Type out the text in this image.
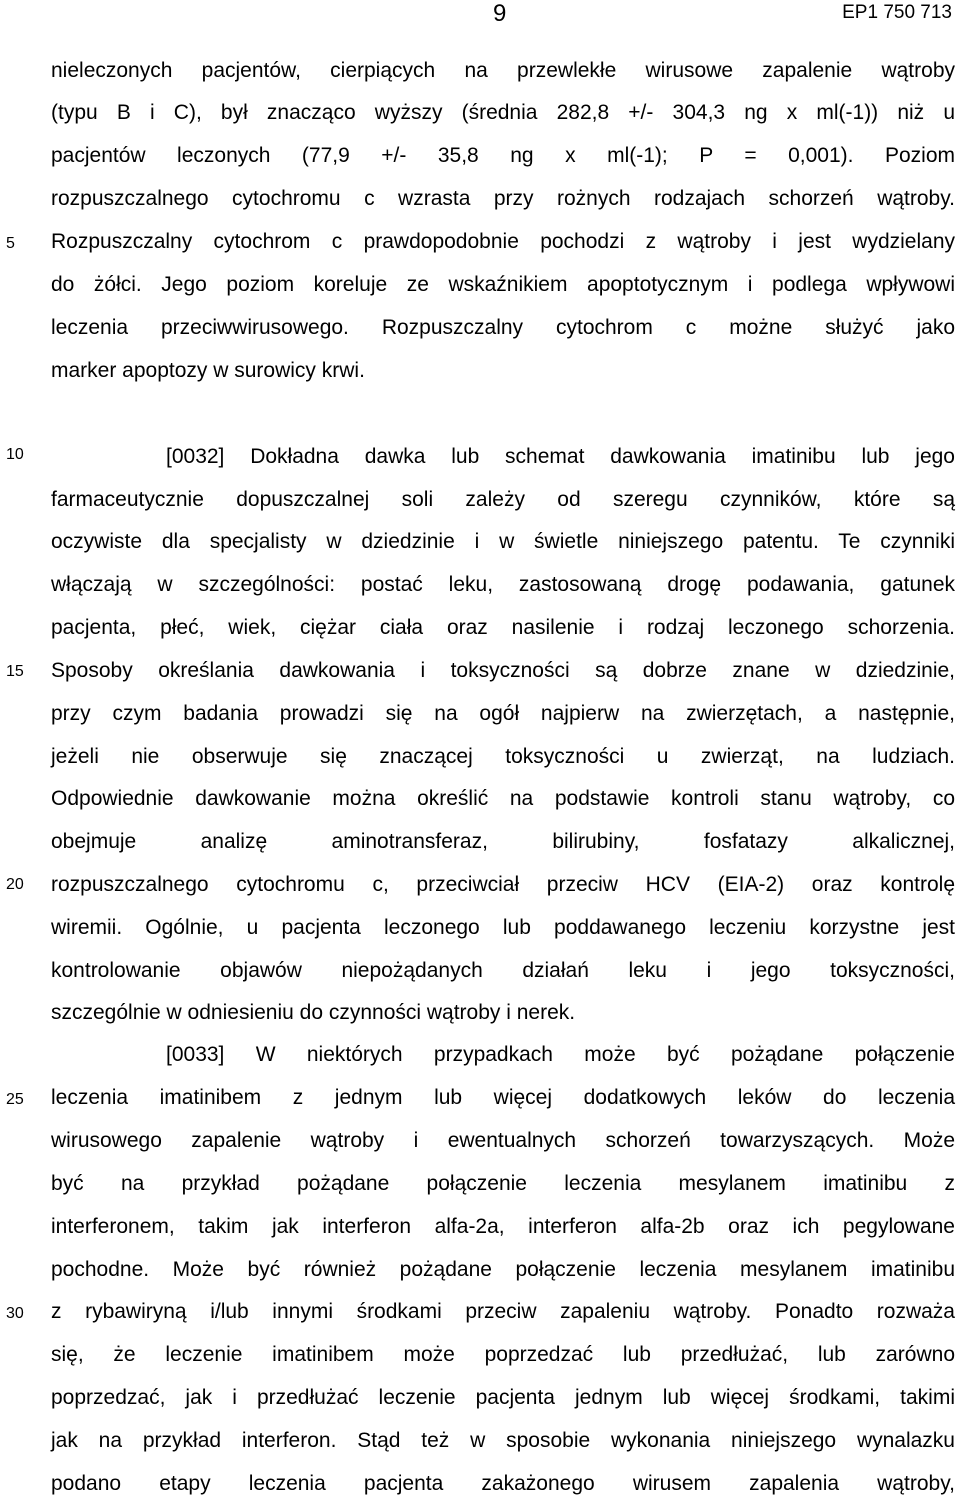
9	EP1 750 713
5
10
15
20
25
30
nieleczonych pacjentów, cierpiących na przewlekłe wirusowe zapalenie wątroby
(typu B i C), był znacząco wyższy (średnia 282,8 +/- 304,3 ng x ml(-1)) niż u
pacjentów leczonych (77,9 +/- 35,8 ng x ml(-1); P = 0,001). Poziom
rozpuszczalnego cytochromu c wzrasta przy rożnych rodzajach schorzeń wątroby.
Rozpuszczalny cytochrom c prawdopodobnie pochodzi z wątroby i jest wydzielany
do żółci. Jego poziom koreluje ze wskaźnikiem apoptotycznym i podlega wpływowi
leczenia przeciwwirusowego. Rozpuszczalny cytochrom c możne służyć jako
marker apoptozy w surowicy krwi.
[0032] Dokładna dawka lub schemat dawkowania imatinibu lub jego
farmaceutycznie dopuszczalnej soli zależy od szeregu czynników, które są
oczywiste dla specjalisty w dziedzinie i w świetle niniejszego patentu. Te czynniki
włączają w szczególności: postać leku, zastosowaną drogę podawania, gatunek
pacjenta, płeć, wiek, ciężar ciała oraz nasilenie i rodzaj leczonego schorzenia.
Sposoby określania dawkowania i toksyczności są dobrze znane w dziedzinie,
przy czym badania prowadzi się na ogół najpierw na zwierzętach, a następnie,
jeżeli nie obserwuje się znaczącej toksyczności u zwierząt, na ludziach.
Odpowiednie dawkowanie można określić na podstawie kontroli stanu wątroby, co
obejmuje analizę aminotransferaz, bilirubiny, fosfatazy alkalicznej,
rozpuszczalnego cytochromu c, przeciwciał przeciw HCV (EIA-2) oraz kontrolę
wiremii. Ogólnie, u pacjenta leczonego lub poddawanego leczeniu korzystne jest
kontrolowanie objawów niepożądanych działań leku i jego toksyczności,
szczególnie w odniesieniu do czynności wątroby i nerek.
[0033] W niektórych przypadkach może być pożądane połączenie
leczenia imatinibem z jednym lub więcej dodatkowych leków do leczenia
wirusowego zapalenie wątroby i ewentualnych schorzeń towarzyszących. Może
być na przykład pożądane połączenie leczenia mesylanem imatinibu z
interferonem, takim jak interferon alfa-2a, interferon alfa-2b oraz ich pegylowane
pochodne. Może być również pożądane połączenie leczenia mesylanem imatinibu
z rybawiryną i/lub innymi środkami przeciw zapaleniu wątroby. Ponadto rozważa
się, że leczenie imatinibem może poprzedzać lub przedłużać, lub zarówno
poprzedzać, jak i przedłużać leczenie pacjenta jednym lub więcej środkami, takimi
jak na przykład interferon. Stąd też w sposobie wykonania niniejszego wynalazku
podano etapy leczenia pacjenta zakażonego wirusem zapalenia wątroby,
